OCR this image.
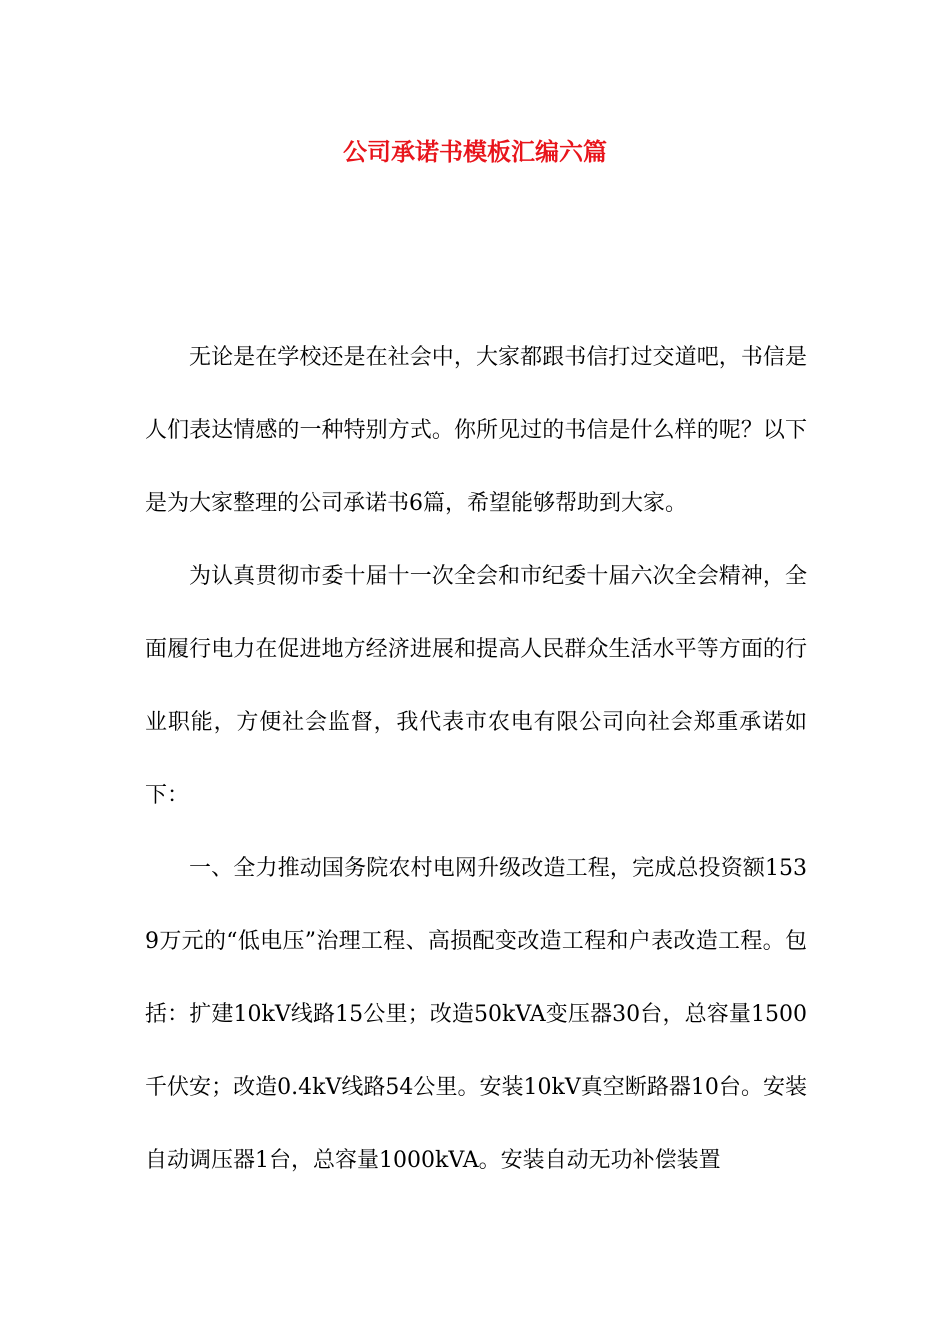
公司承诺书模板汇编六篇

无论是在学校还是在社会中，大家都跟书信打过交道吧，书信是人们表达情感的一种特别方式。你所见过的书信是什么样的呢？以下是为大家整理的公司承诺书6篇，希望能够帮助到大家。

为认真贯彻市委十届十一次全会和市纪委十届六次全会精神，全面履行电力在促进地方经济进展和提高人民群众生活水平等方面的行业职能，方便社会监督，我代表市农电有限公司向社会郑重承诺如下：

一、全力推动国务院农村电网升级改造工程，完成总投资额1539万元的“低电压”治理工程、高损配变改造工程和户表改造工程。包括：扩建10kV线路15公里；改造50kVA变压器30台，总容量1500千伏安；改造0.4kV线路54公里。安装10kV真空断路器10台。安装自动调压器1台，总容量1000kVA。安装自动无功补偿装置
